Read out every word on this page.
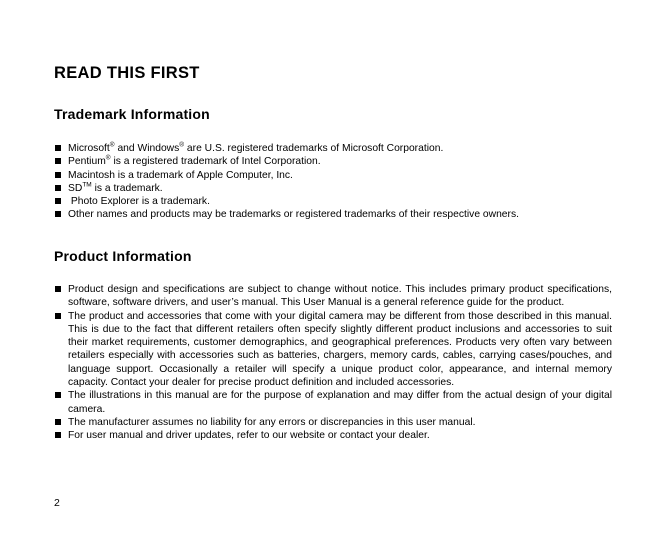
READ THIS FIRST
Trademark Information
Microsoft® and Windows® are U.S. registered trademarks of Microsoft Corporation.
Pentium® is a registered trademark of Intel Corporation.
Macintosh is a trademark of Apple Computer, Inc.
SD™ is a trademark.
Photo Explorer is a trademark.
Other names and products may be trademarks or registered trademarks of their respective owners.
Product Information
Product design and specifications are subject to change without notice. This includes primary product specifications, software, software drivers, and user’s manual. This User Manual is a general reference guide for the product.
The product and accessories that come with your digital camera may be different from those described in this manual. This is due to the fact that different retailers often specify slightly different product inclusions and accessories to suit their market requirements, customer demographics, and geographical preferences. Products very often vary between retailers especially with accessories such as batteries, chargers, memory cards, cables, carrying cases/pouches, and language support. Occasionally a retailer will specify a unique product color, appearance, and internal memory capacity. Contact your dealer for precise product definition and included accessories.
The illustrations in this manual are for the purpose of explanation and may differ from the actual design of your digital camera.
The manufacturer assumes no liability for any errors or discrepancies in this user manual.
For user manual and driver updates, refer to our website or contact your dealer.
2
